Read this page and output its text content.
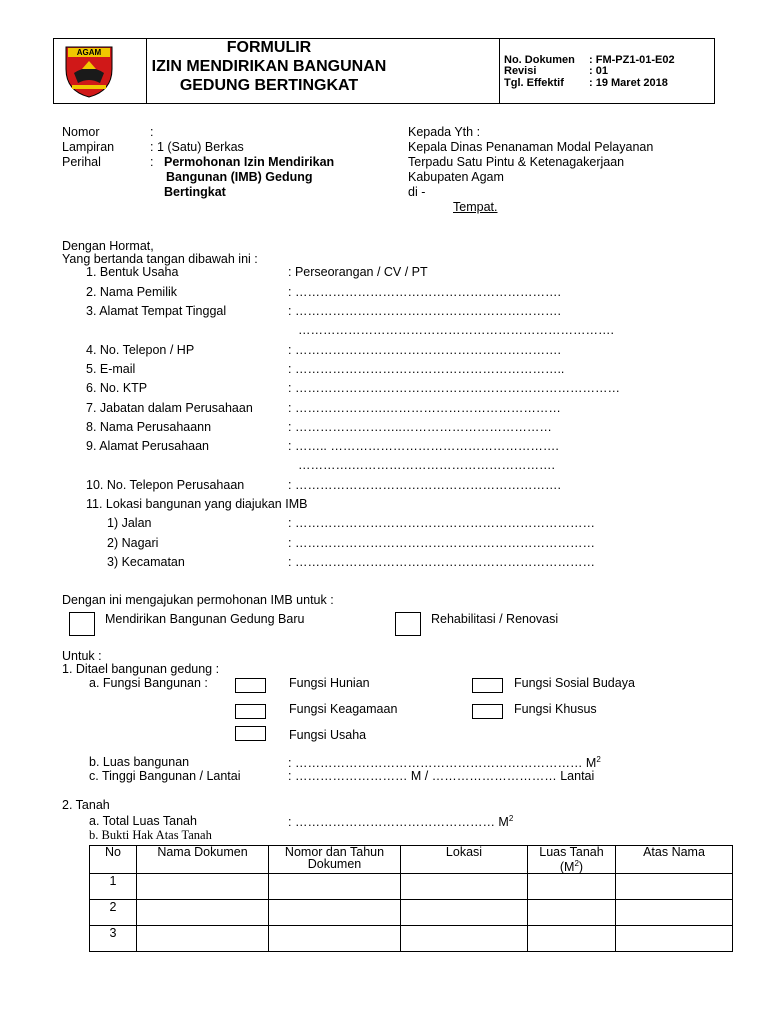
AGAM	FORMULIR
IZIN MENDIRIKAN BANGUNAN
GEDUNG BERTINGKAT
No. Dokumen : FM-PZ1-01-E02
Revisi	: 01
Tgl. Effektif : 19 Maret 2018
Nomor	:
Lampiran	: 1 (Satu) Berkas
Perihal	: Permohonan Izin Mendirikan
Bangunan (IMB) Gedung
Bertingkat
Kepada Yth :
Kepala Dinas Penanaman Modal Pelayanan
Terpadu Satu Pintu & Ketenagakerjaan
Kabupaten Agam
di -
Tempat.
Dengan Hormat,
Yang bertanda tangan dibawah ini :
1. Bentuk Usaha	: Perseorangan / CV / PT
2. Nama Pemilik	: ……………………………………………………….
3. Alamat Tempat Tinggal	: ……………………………………………………….
………………………………………………………………….
4. No. Telepon / HP	: ……………………………………………………….
5. E-mail	: ………………………………………………………..
6. No. KTP	: ……………………………………………………………………
7. Jabatan dalam Perusahaan	: ………………….……………………………………
8. Nama Perusahaann	: ……………………..………………………………
9. Alamat Perusahaan	: …….. ……………………………………………….
………….………………………………………….
10. No. Telepon Perusahaan	: ……………………………………………………….
11. Lokasi bangunan yang diajukan IMB
1) Jalan	: ………………………………………………………………
2) Nagari	: ………………………………………………………………
3) Kecamatan	: ………………………………………………………………
Dengan ini mengajukan permohonan IMB untuk :
Mendirikan Bangunan Gedung Baru	Rehabilitasi / Renovasi
Untuk :
1. Ditael bangunan gedung :
a. Fungsi Bangunan :	Fungsi Hunian	Fungsi Sosial Budaya
Fungsi Keagamaan	Fungsi Khusus
Fungsi Usaha
b. Luas bangunan	: …………………………………………………………… $M^2$
c. Tinggi Bangunan / Lantai	: ……………………… M / ………………………… Lantai
2. Tanah
a. Total Luas Tanah	: ………………………………………… $M^2$
b. Bukti Hak Atas Tanah
No	Nama Dokumen	Nomor dan Tahun Dokumen	Lokasi	Luas Tanah $(M^2)$	Atas Nama
1					
2					
3					
